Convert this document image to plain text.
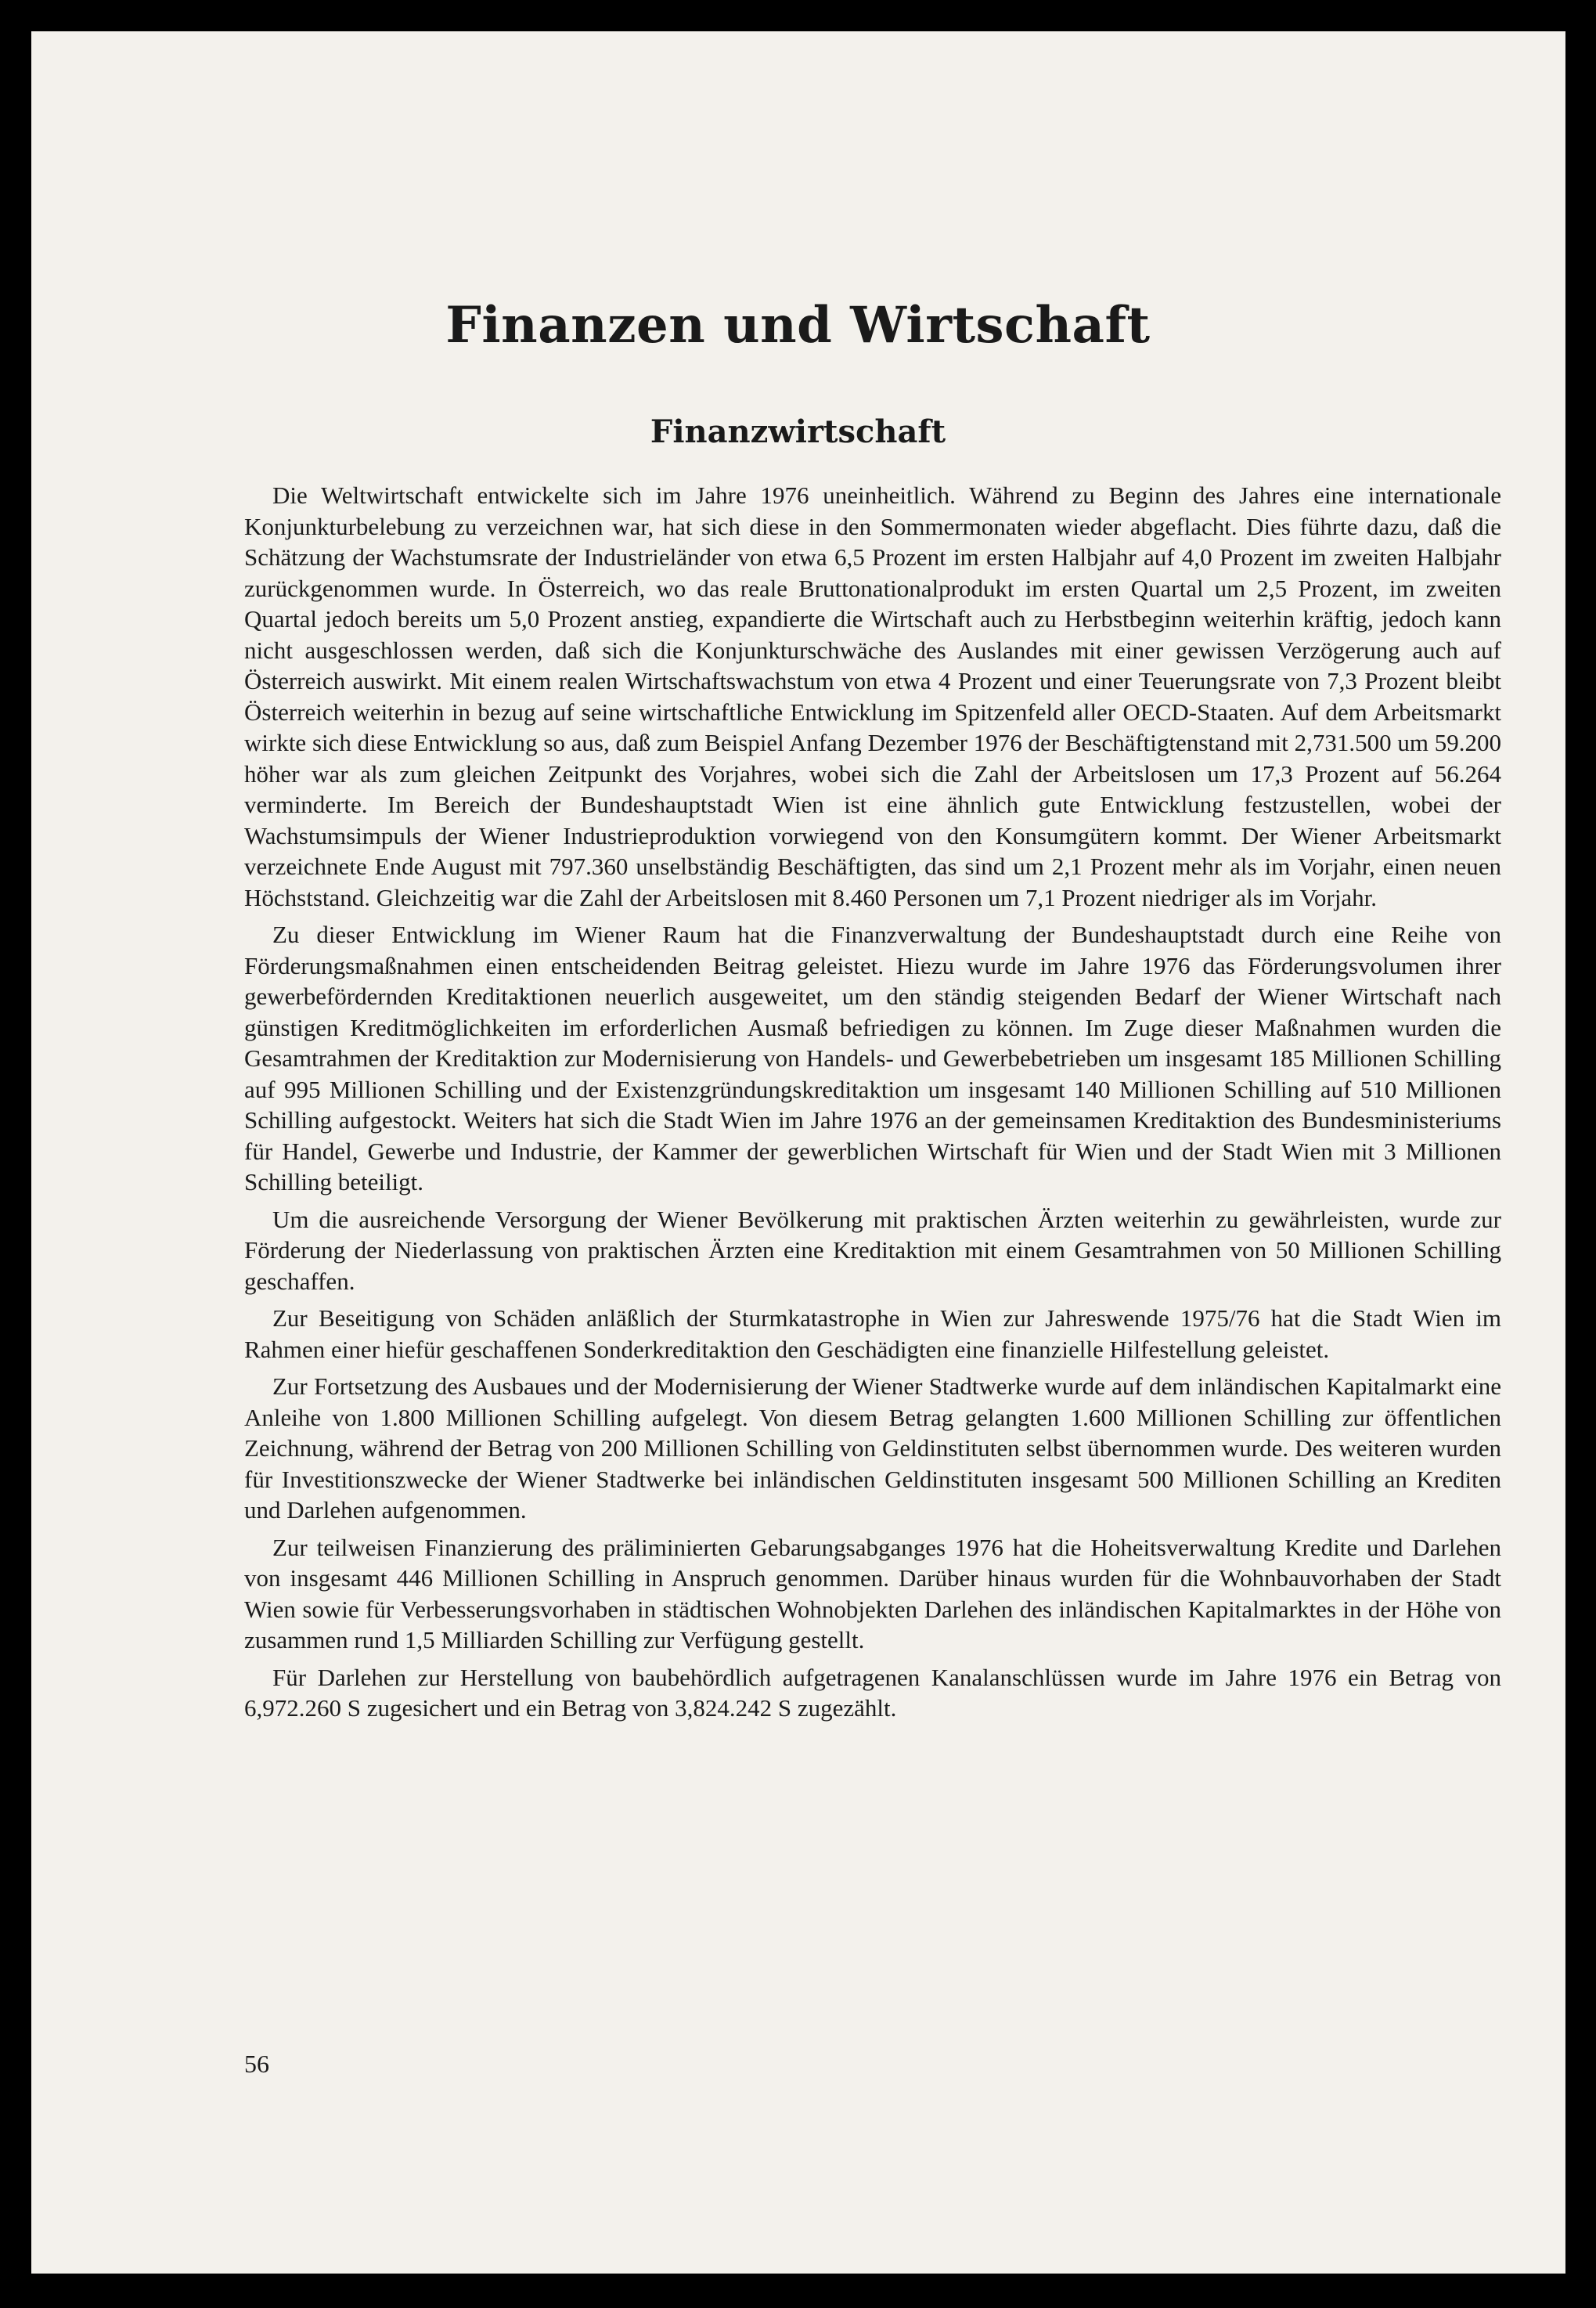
Finanzen und Wirtschaft
Finanzwirtschaft

Die Weltwirtschaft entwickelte sich im Jahre 1976 uneinheitlich. Während zu Beginn des Jahres eine internationale Konjunkturbelebung zu verzeichnen war, hat sich diese in den Sommermonaten wieder abgeflacht. Dies führte dazu, daß die Schätzung der Wachstumsrate der Industrieländer von etwa 6,5 Prozent im ersten Halbjahr auf 4,0 Prozent im zweiten Halbjahr zurückgenommen wurde. In Österreich, wo das reale Bruttonationalprodukt im ersten Quartal um 2,5 Prozent, im zweiten Quartal jedoch bereits um 5,0 Prozent anstieg, expandierte die Wirtschaft auch zu Herbstbeginn weiterhin kräftig, jedoch kann nicht ausgeschlossen werden, daß sich die Konjunkturschwäche des Auslandes mit einer gewissen Verzögerung auch auf Österreich auswirkt. Mit einem realen Wirtschaftswachstum von etwa 4 Prozent und einer Teuerungsrate von 7,3 Prozent bleibt Österreich weiterhin in bezug auf seine wirtschaftliche Entwicklung im Spitzenfeld aller OECD-Staaten. Auf dem Arbeitsmarkt wirkte sich diese Entwicklung so aus, daß zum Beispiel Anfang Dezember 1976 der Beschäftigtenstand mit 2,731.500 um 59.200 höher war als zum gleichen Zeitpunkt des Vorjahres, wobei sich die Zahl der Arbeitslosen um 17,3 Prozent auf 56.264 verminderte. Im Bereich der Bundeshauptstadt Wien ist eine ähnlich gute Entwicklung festzustellen, wobei der Wachstumsimpuls der Wiener Industrieproduktion vorwiegend von den Konsumgütern kommt. Der Wiener Arbeitsmarkt verzeichnete Ende August mit 797.360 unselbständig Beschäftigten, das sind um 2,1 Prozent mehr als im Vorjahr, einen neuen Höchststand. Gleichzeitig war die Zahl der Arbeitslosen mit 8.460 Personen um 7,1 Prozent niedriger als im Vorjahr.

Zu dieser Entwicklung im Wiener Raum hat die Finanzverwaltung der Bundeshauptstadt durch eine Reihe von Förderungsmaßnahmen einen entscheidenden Beitrag geleistet. Hiezu wurde im Jahre 1976 das Förderungsvolumen ihrer gewerbefördernden Kreditaktionen neuerlich ausgeweitet, um den ständig steigenden Bedarf der Wiener Wirtschaft nach günstigen Kreditmöglichkeiten im erforderlichen Ausmaß befriedigen zu können. Im Zuge dieser Maßnahmen wurden die Gesamtrahmen der Kreditaktion zur Modernisierung von Handels- und Gewerbebetrieben um insgesamt 185 Millionen Schilling auf 995 Millionen Schilling und der Existenzgründungskreditaktion um insgesamt 140 Millionen Schilling auf 510 Millionen Schilling aufgestockt. Weiters hat sich die Stadt Wien im Jahre 1976 an der gemeinsamen Kreditaktion des Bundesministeriums für Handel, Gewerbe und Industrie, der Kammer der gewerblichen Wirtschaft für Wien und der Stadt Wien mit 3 Millionen Schilling beteiligt.

Um die ausreichende Versorgung der Wiener Bevölkerung mit praktischen Ärzten weiterhin zu gewährleisten, wurde zur Förderung der Niederlassung von praktischen Ärzten eine Kreditaktion mit einem Gesamtrahmen von 50 Millionen Schilling geschaffen.

Zur Beseitigung von Schäden anläßlich der Sturmkatastrophe in Wien zur Jahreswende 1975/76 hat die Stadt Wien im Rahmen einer hiefür geschaffenen Sonderkreditaktion den Geschädigten eine finanzielle Hilfestellung geleistet.

Zur Fortsetzung des Ausbaues und der Modernisierung der Wiener Stadtwerke wurde auf dem inländischen Kapitalmarkt eine Anleihe von 1.800 Millionen Schilling aufgelegt. Von diesem Betrag gelangten 1.600 Millionen Schilling zur öffentlichen Zeichnung, während der Betrag von 200 Millionen Schilling von Geldinstituten selbst übernommen wurde. Des weiteren wurden für Investitionszwecke der Wiener Stadtwerke bei inländischen Geldinstituten insgesamt 500 Millionen Schilling an Krediten und Darlehen aufgenommen.

Zur teilweisen Finanzierung des präliminierten Gebarungsabganges 1976 hat die Hoheitsverwaltung Kredite und Darlehen von insgesamt 446 Millionen Schilling in Anspruch genommen. Darüber hinaus wurden für die Wohnbauvorhaben der Stadt Wien sowie für Verbesserungsvorhaben in städtischen Wohnobjekten Darlehen des inländischen Kapitalmarktes in der Höhe von zusammen rund 1,5 Milliarden Schilling zur Verfügung gestellt.

Für Darlehen zur Herstellung von baubehördlich aufgetragenen Kanalanschlüssen wurde im Jahre 1976 ein Betrag von 6,972.260 S zugesichert und ein Betrag von 3,824.242 S zugezählt.

56
